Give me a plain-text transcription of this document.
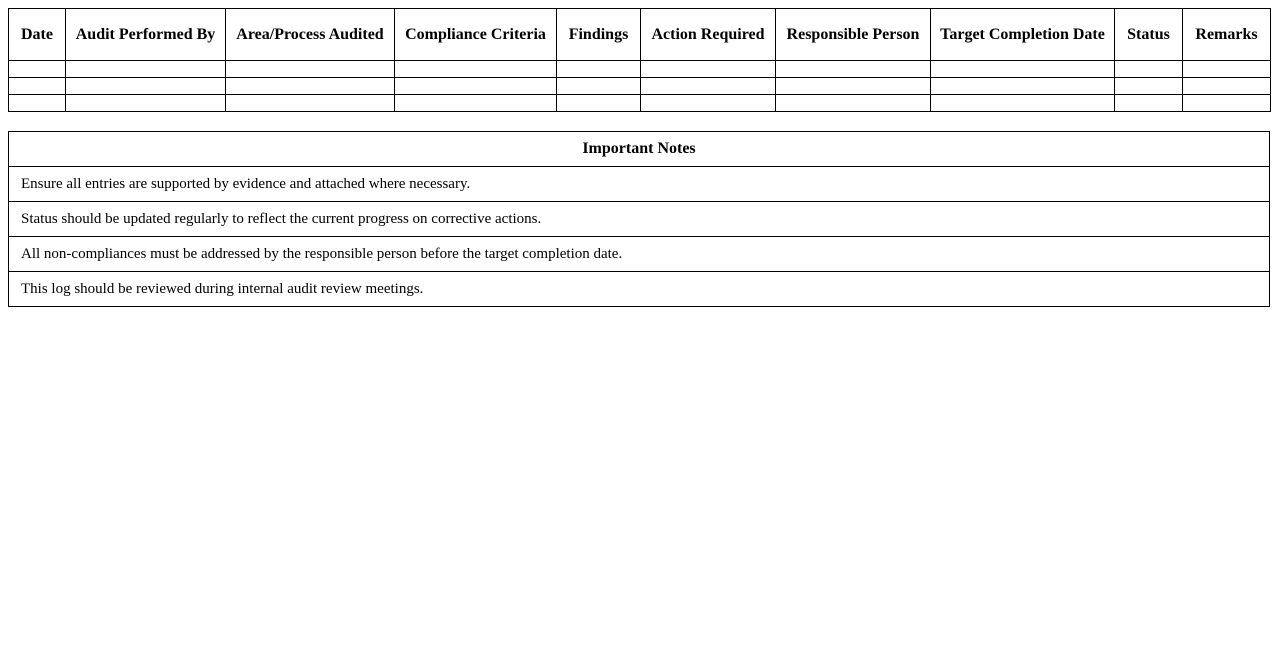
Date	Audit Performed By	Area/Process Audited	Compliance Criteria	Findings	Action Required	Responsible Person	Target Completion Date	Status	Remarks

Important Notes
Ensure all entries are supported by evidence and attached where necessary.
Status should be updated regularly to reflect the current progress on corrective actions.
All non-compliances must be addressed by the responsible person before the target completion date.
This log should be reviewed during internal audit review meetings.
